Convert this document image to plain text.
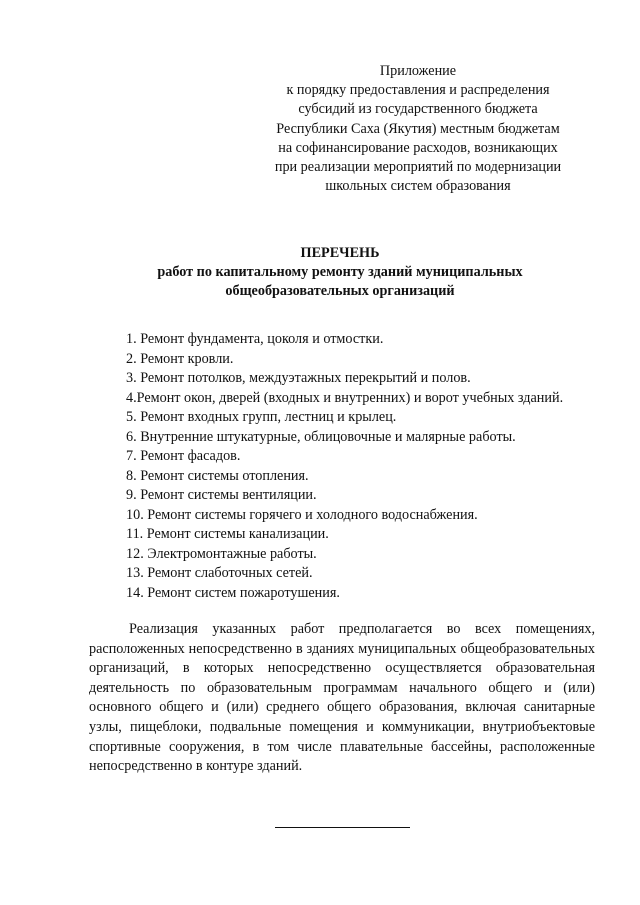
Приложение
к порядку предоставления и распределения
субсидий из государственного бюджета
Республики Саха (Якутия) местным бюджетам
на софинансирование расходов, возникающих
при реализации мероприятий по модернизации
школьных систем образования
ПЕРЕЧЕНЬ
работ по капитальному ремонту зданий муниципальных
общеобразовательных организаций
1. Ремонт фундамента, цоколя и отмостки.
2. Ремонт кровли.
3. Ремонт потолков, междуэтажных перекрытий и полов.
4.Ремонт окон, дверей (входных и внутренних) и ворот учебных зданий.
5. Ремонт входных групп, лестниц и крылец.
6. Внутренние штукатурные, облицовочные и малярные работы.
7. Ремонт фасадов.
8. Ремонт системы отопления.
9. Ремонт системы вентиляции.
10. Ремонт системы горячего и холодного водоснабжения.
11. Ремонт системы канализации.
12. Электромонтажные работы.
13. Ремонт слаботочных сетей.
14. Ремонт систем пожаротушения.

Реализация указанных работ предполагается во всех помещениях, расположенных непосредственно в зданиях муниципальных общеобразовательных организаций, в которых непосредственно осуществляется образовательная деятельность по образовательным программам начального общего и (или) основного общего и (или) среднего общего образования, включая санитарные узлы, пищеблоки, подвальные помещения и коммуникации, внутриобъектовые спортивные сооружения, в том числе плавательные бассейны, расположенные непосредственно в контуре зданий.
